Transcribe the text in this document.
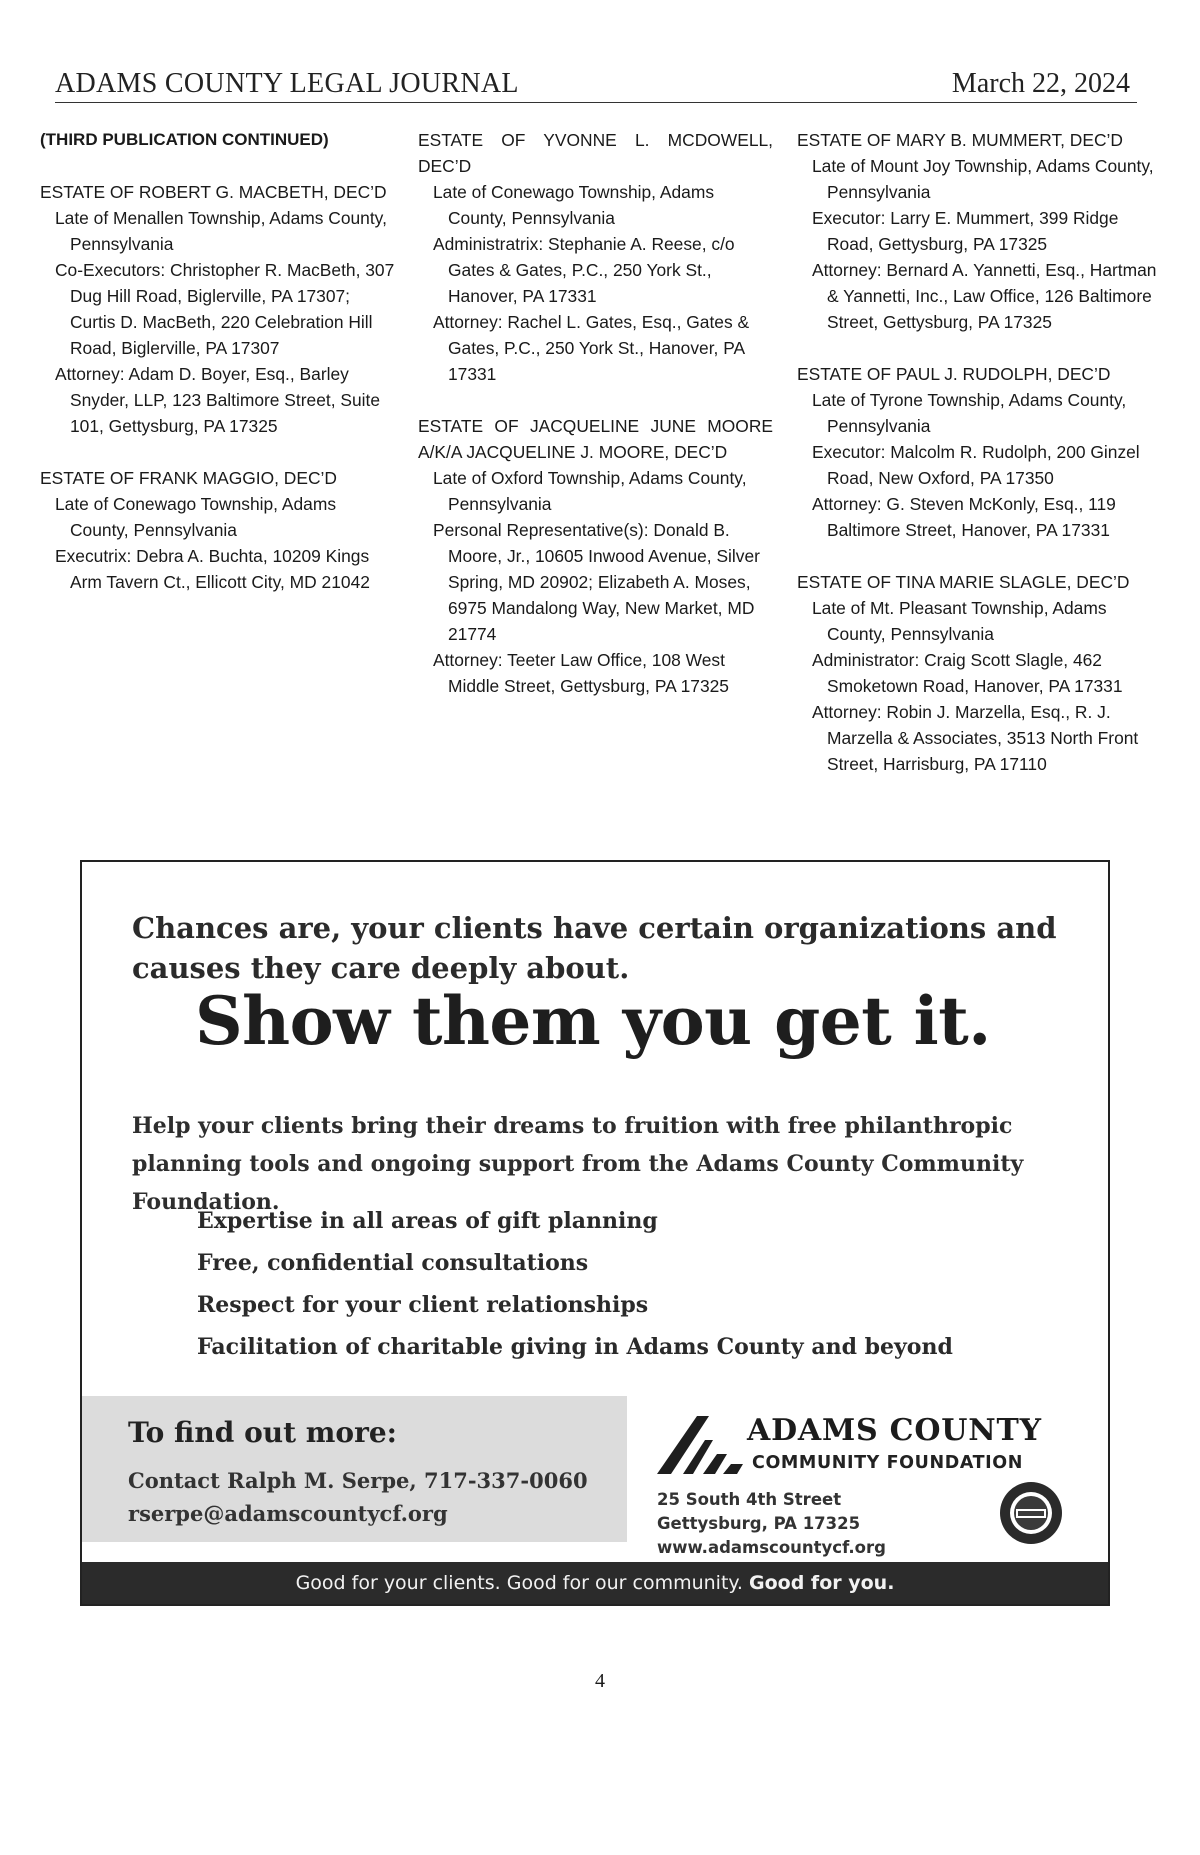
ADAMS COUNTY LEGAL JOURNAL	March 22, 2024
(THIRD PUBLICATION CONTINUED)
ESTATE OF ROBERT G. MACBETH, DEC’D
Late of Menallen Township, Adams County, Pennsylvania
Co-Executors: Christopher R. MacBeth, 307 Dug Hill Road, Biglerville, PA 17307; Curtis D. MacBeth, 220 Celebration Hill Road, Biglerville, PA 17307
Attorney: Adam D. Boyer, Esq., Barley Snyder, LLP, 123 Baltimore Street, Suite 101, Gettysburg, PA 17325
ESTATE OF FRANK MAGGIO, DEC’D
Late of Conewago Township, Adams County, Pennsylvania
Executrix: Debra A. Buchta, 10209 Kings Arm Tavern Ct., Ellicott City, MD 21042
ESTATE OF YVONNE L. MCDOWELL, DEC’D
Late of Conewago Township, Adams County, Pennsylvania
Administratrix: Stephanie A. Reese, c/o Gates & Gates, P.C., 250 York St., Hanover, PA 17331
Attorney: Rachel L. Gates, Esq., Gates & Gates, P.C., 250 York St., Hanover, PA 17331
ESTATE OF JACQUELINE JUNE MOORE A/K/A JACQUELINE J. MOORE, DEC’D
Late of Oxford Township, Adams County, Pennsylvania
Personal Representative(s): Donald B. Moore, Jr., 10605 Inwood Avenue, Silver Spring, MD 20902; Elizabeth A. Moses, 6975 Mandalong Way, New Market, MD 21774
Attorney: Teeter Law Office, 108 West Middle Street, Gettysburg, PA 17325
ESTATE OF MARY B. MUMMERT, DEC’D
Late of Mount Joy Township, Adams County, Pennsylvania
Executor: Larry E. Mummert, 399 Ridge Road, Gettysburg, PA 17325
Attorney: Bernard A. Yannetti, Esq., Hartman & Yannetti, Inc., Law Office, 126 Baltimore Street, Gettysburg, PA 17325
ESTATE OF PAUL J. RUDOLPH, DEC’D
Late of Tyrone Township, Adams County, Pennsylvania
Executor: Malcolm R. Rudolph, 200 Ginzel Road, New Oxford, PA 17350
Attorney: G. Steven McKonly, Esq., 119 Baltimore Street, Hanover, PA 17331
ESTATE OF TINA MARIE SLAGLE, DEC’D
Late of Mt. Pleasant Township, Adams County, Pennsylvania
Administrator: Craig Scott Slagle, 462 Smoketown Road, Hanover, PA 17331
Attorney: Robin J. Marzella, Esq., R. J. Marzella & Associates, 3513 North Front Street, Harrisburg, PA 17110
Chances are, your clients have certain organizations and causes they care deeply about.
Show them you get it.
Help your clients bring their dreams to fruition with free philanthropic planning tools and ongoing support from the Adams County Community Foundation.
Expertise in all areas of gift planning
Free, confidential consultations
Respect for your client relationships
Facilitation of charitable giving in Adams County and beyond
To find out more:
Contact Ralph M. Serpe, 717-337-0060
rserpe@adamscountycf.org
ADAMS COUNTY
COMMUNITY FOUNDATION
25 South 4th Street
Gettysburg, PA 17325
www.adamscountycf.org
Good for your clients. Good for our community. Good for you.
4
